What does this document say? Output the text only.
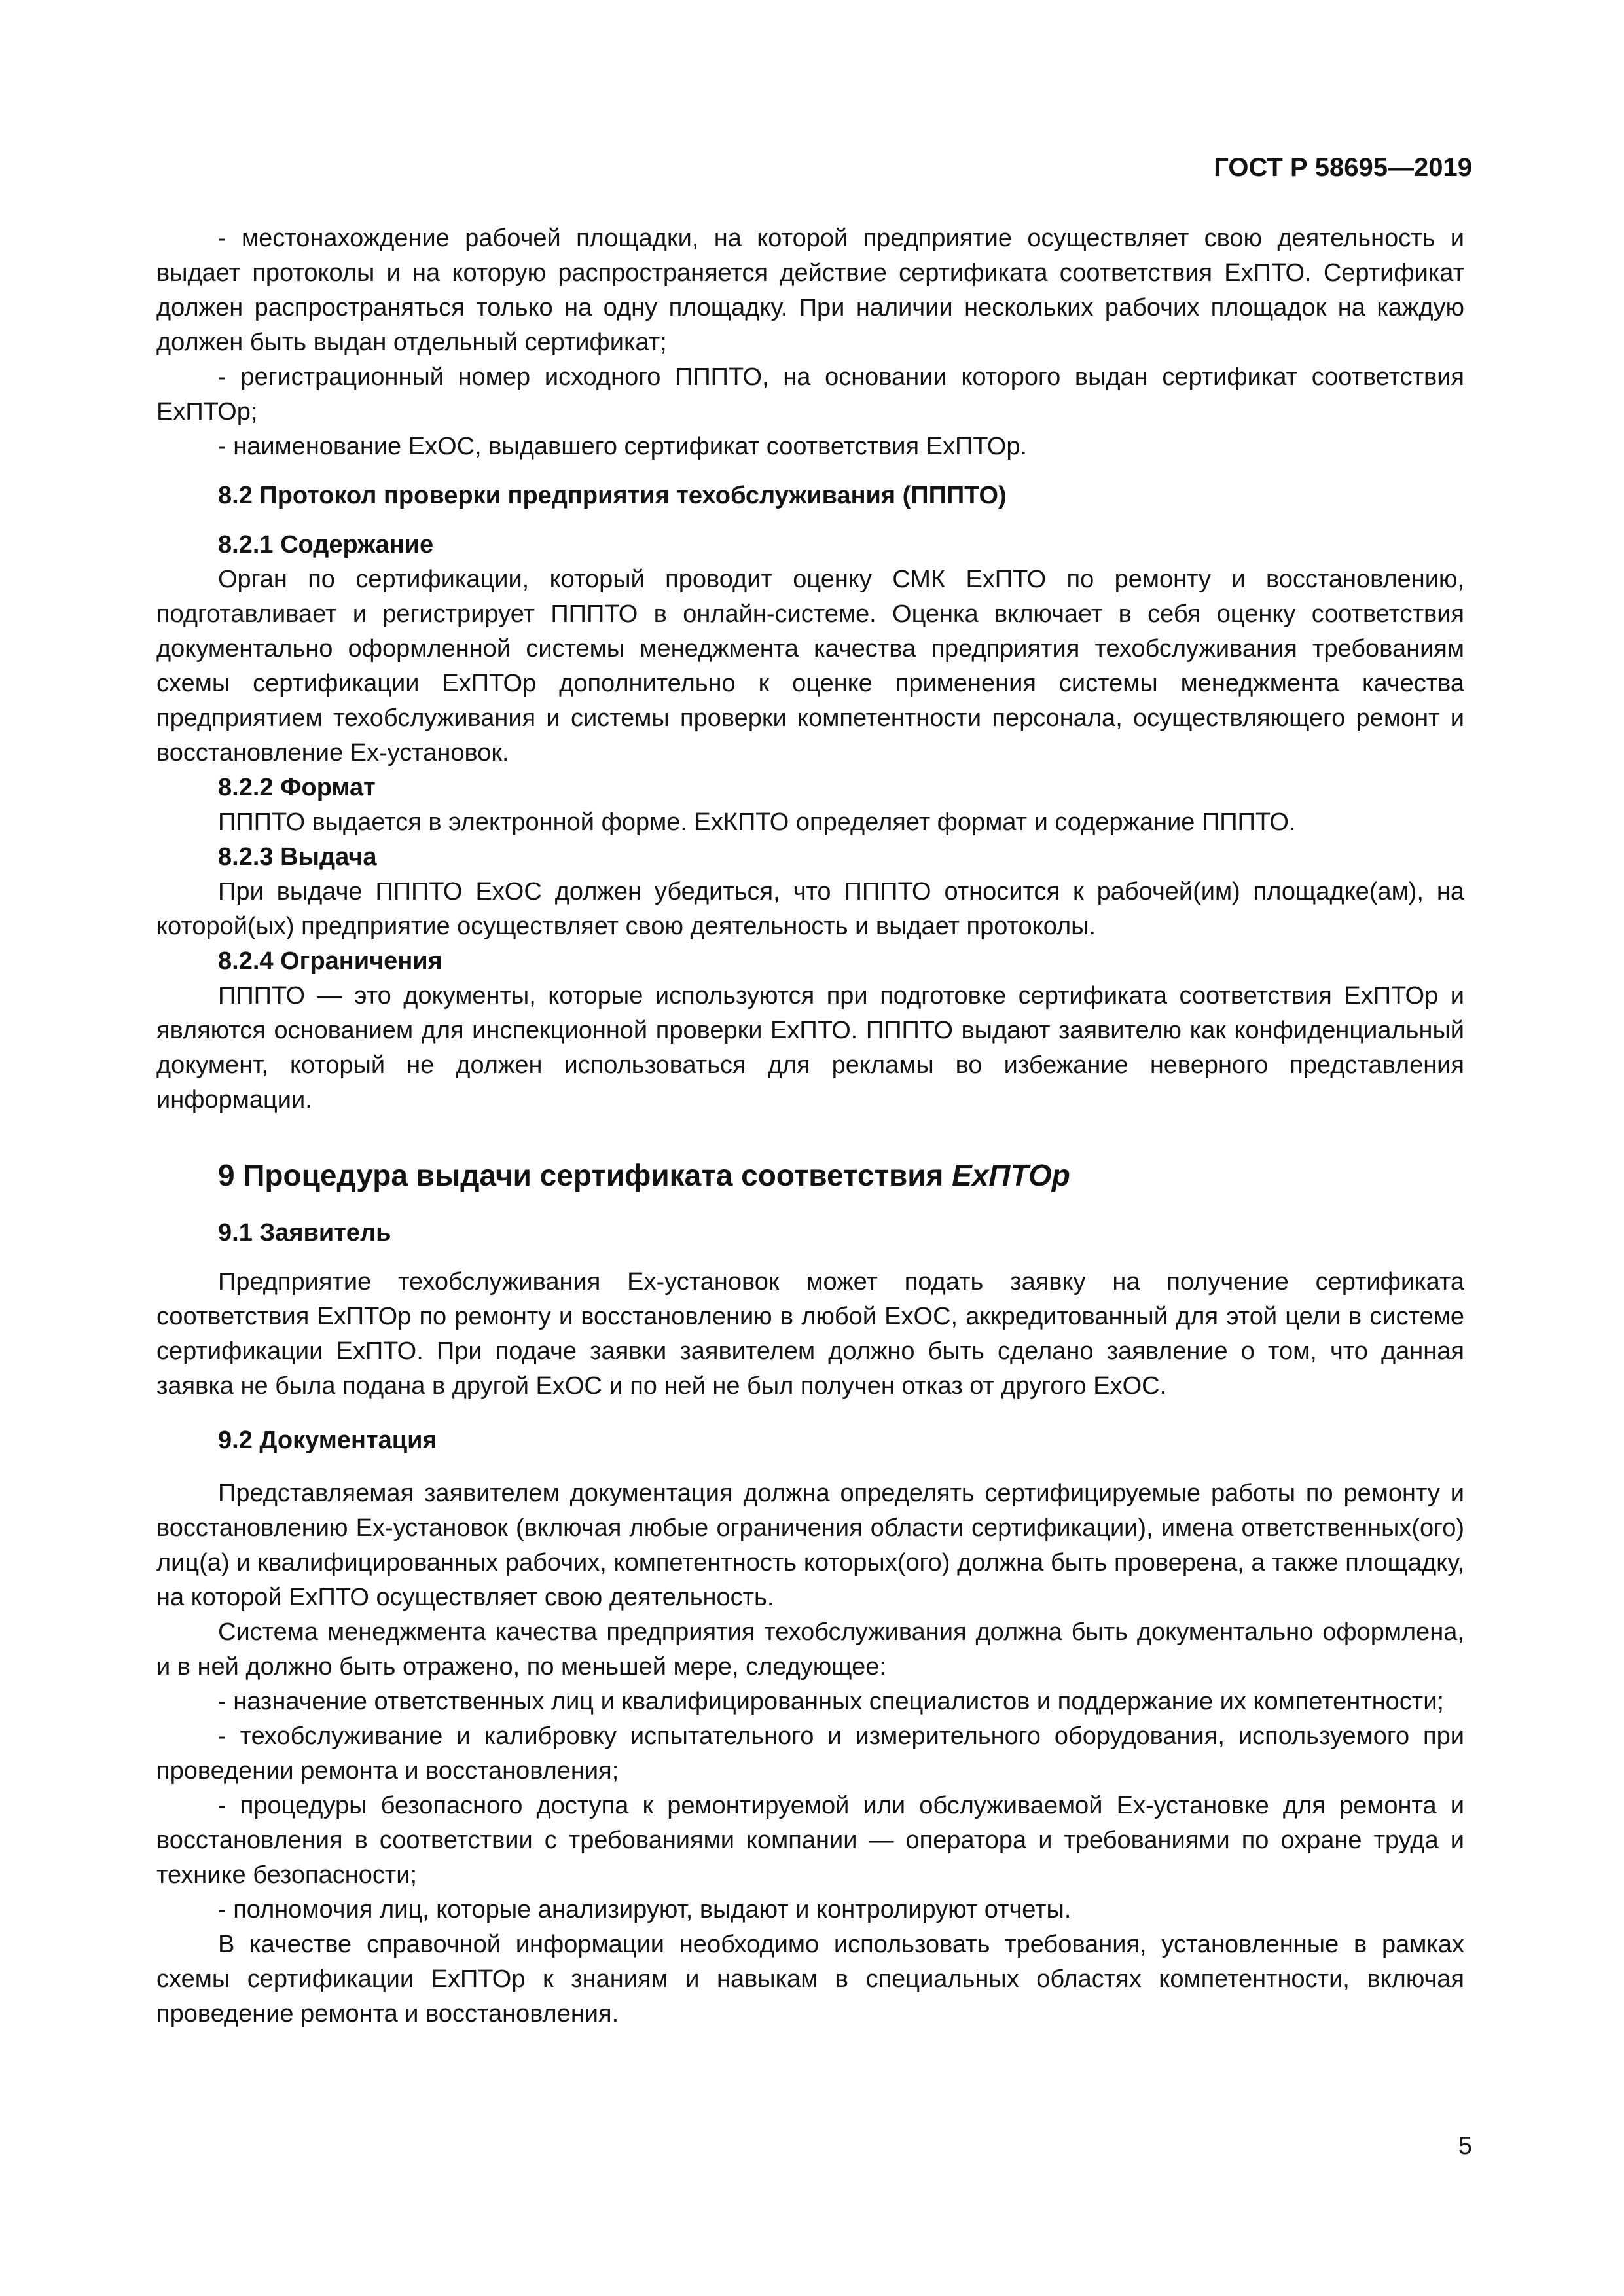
ГОСТ Р 58695—2019

- местонахождение рабочей площадки, на которой предприятие осуществляет свою деятельность и выдает протоколы и на которую распространяется действие сертификата соответствия ExПТО. Сертификат должен распространяться только на одну площадку. При наличии нескольких рабочих площадок на каждую должен быть выдан отдельный сертификат;

- регистрационный номер исходного ПППТО, на основании которого выдан сертификат соответствия ExПТОр;

- наименование ExОС, выдавшего сертификат соответствия ExПТОр.

8.2 Протокол проверки предприятия техобслуживания (ПППТО)

8.2.1 Содержание

Орган по сертификации, который проводит оценку СМК ExПТО по ремонту и восстановлению, подготавливает и регистрирует ПППТО в онлайн-системе. Оценка включает в себя оценку соответствия документально оформленной системы менеджмента качества предприятия техобслуживания требованиям схемы сертификации ExПТОр дополнительно к оценке применения системы менеджмента качества предприятием техобслуживания и системы проверки компетентности персонала, осуществляющего ремонт и восстановление Ex-установок.

8.2.2 Формат

ПППТО выдается в электронной форме. ExКПТО определяет формат и содержание ПППТО.

8.2.3 Выдача

При выдаче ПППТО ExОС должен убедиться, что ПППТО относится к рабочей(им) площадке(ам), на которой(ых) предприятие осуществляет свою деятельность и выдает протоколы.

8.2.4 Ограничения

ПППТО — это документы, которые используются при подготовке сертификата соответствия ExПТОр и являются основанием для инспекционной проверки ExПТО. ПППТО выдают заявителю как конфиденциальный документ, который не должен использоваться для рекламы во избежание неверного представления информации.

9 Процедура выдачи сертификата соответствия ExПТОр

9.1 Заявитель

Предприятие техобслуживания Ex-установок может подать заявку на получение сертификата соответствия ExПТОр по ремонту и восстановлению в любой ExОС, аккредитованный для этой цели в системе сертификации ExПТО. При подаче заявки заявителем должно быть сделано заявление о том, что данная заявка не была подана в другой ExОС и по ней не был получен отказ от другого ExОС.

9.2 Документация

Представляемая заявителем документация должна определять сертифицируемые работы по ремонту и восстановлению Ex-установок (включая любые ограничения области сертификации), имена ответственных(ого) лиц(а) и квалифицированных рабочих, компетентность которых(ого) должна быть проверена, а также площадку, на которой ExПТО осуществляет свою деятельность.

Система менеджмента качества предприятия техобслуживания должна быть документально оформлена, и в ней должно быть отражено, по меньшей мере, следующее:

- назначение ответственных лиц и квалифицированных специалистов и поддержание их компетентности;

- техобслуживание и калибровку испытательного и измерительного оборудования, используемого при проведении ремонта и восстановления;

- процедуры безопасного доступа к ремонтируемой или обслуживаемой Ex-установке для ремонта и восстановления в соответствии с требованиями компании — оператора и требованиями по охране труда и технике безопасности;

- полномочия лиц, которые анализируют, выдают и контролируют отчеты.

В качестве справочной информации необходимо использовать требования, установленные в рамках схемы сертификации ExПТОр к знаниям и навыкам в специальных областях компетентности, включая проведение ремонта и восстановления.

5
